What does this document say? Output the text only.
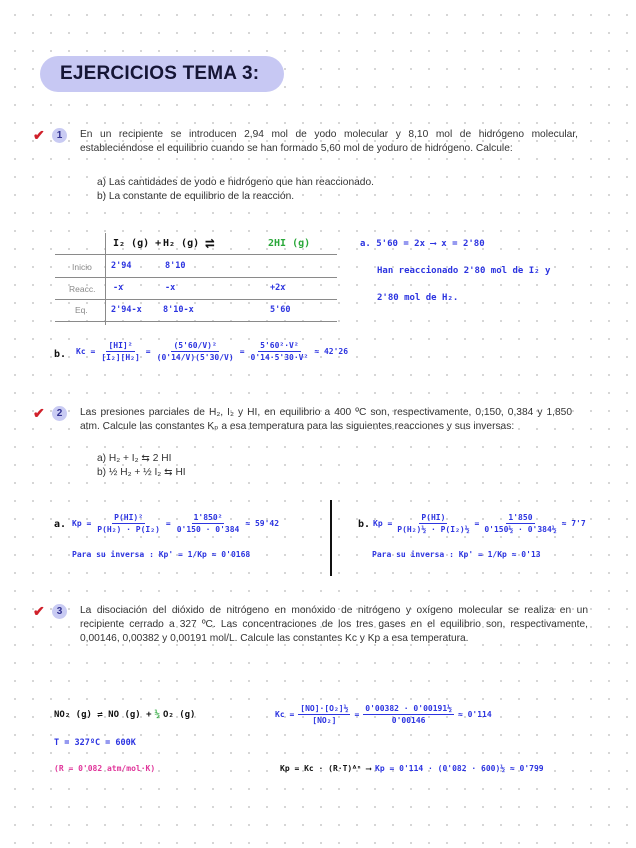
EJERCICIOS TEMA 3:
✔ 1 En un recipiente se introducen 2,94 mol de yodo molecular y 8,10 mol de hidrógeno molecular, estableciéndose el equilibrio cuando se han formado 5,60 mol de yoduro de hidrógeno. Calcule:
a) Las cantidades de yodo e hidrógeno que han reaccionado.
b) La constante de equilibrio de la reacción.
I₂ (g) + H₂ (g) ⇌	2HI (g)
Inicio 2'94	8'10
Reacc. -x	-x	+2x
Eq.	2'94-x	8'10-x	5'60
a. 5'60 = 2x ⟶ x = 2'80
Han reaccionado 2'80 mol de I₂ y
2'80 mol de H₂.
b. $Kc = \frac{\text{[HI]²}}{\text{[I₂][H₂]}} = \frac{\text{(5'60/V)²}}{(0'14/V)(5'30/V)} = \frac{\text{5'60²·V²}}{\text{0'14·5'30·V²}} \approx 42'26$
✔ 2 Las presiones parciales de H₂, I₂ y HI, en equilibrio a 400 ºC son, respectivamente, 0,150, 0,384 y 1,850 atm. Calcule las constantes Kₚ a esa temperatura para las siguientes reacciones y sus inversas:
a) H₂ + I₂ ⇆ 2 HI
b) ½ H₂ + ½ I₂ ⇆ HI
a. $Kp = \frac{\text{P(HI)²}}{\text{P(H₂) · P(I₂)}} = \frac{\text{1'850²}}{0'150 \cdot 0'384} \approx 59'42$
Para su inversa : Kp' = 1/Kp ≈ 0'0168
b. $Kp = \frac{P(HI)}{\text{P(H₂)½ · P(I₂)½}} = \frac{1'850}{\text{0'150½ · 0'384½}} \approx 7'7$
Para su inversa : Kp' = 1/Kp ≈ 0'13
✔ 3 La disociación del dióxido de nitrógeno en monóxido de nitrógeno y oxígeno molecular se realiza en un recipiente cerrado a 327 ºC. Las concentraciones de los tres gases en el equilibrio son, respectivamente, 0,00146, 0,00382 y 0,00191 mol/L. Calcule las constantes Kc y Kp a esa temperatura.
NO₂ (g) ⇌ NO (g) + ½ O₂ (g)
T = 327ºC = 600K
(R = 0'082 atm/mol·K)
$Kc = \frac{\text{[NO]·[O₂]½}}{\text{[NO₂]}} = \frac{\text{0'00382 · 0'00191½}}{0'00146} \approx 0'114$
Kp = Kc · (R·T)ᐞⁿ ⟶ Kp = 0'114 · (0'082 · 600)½ ≈ 0'799
